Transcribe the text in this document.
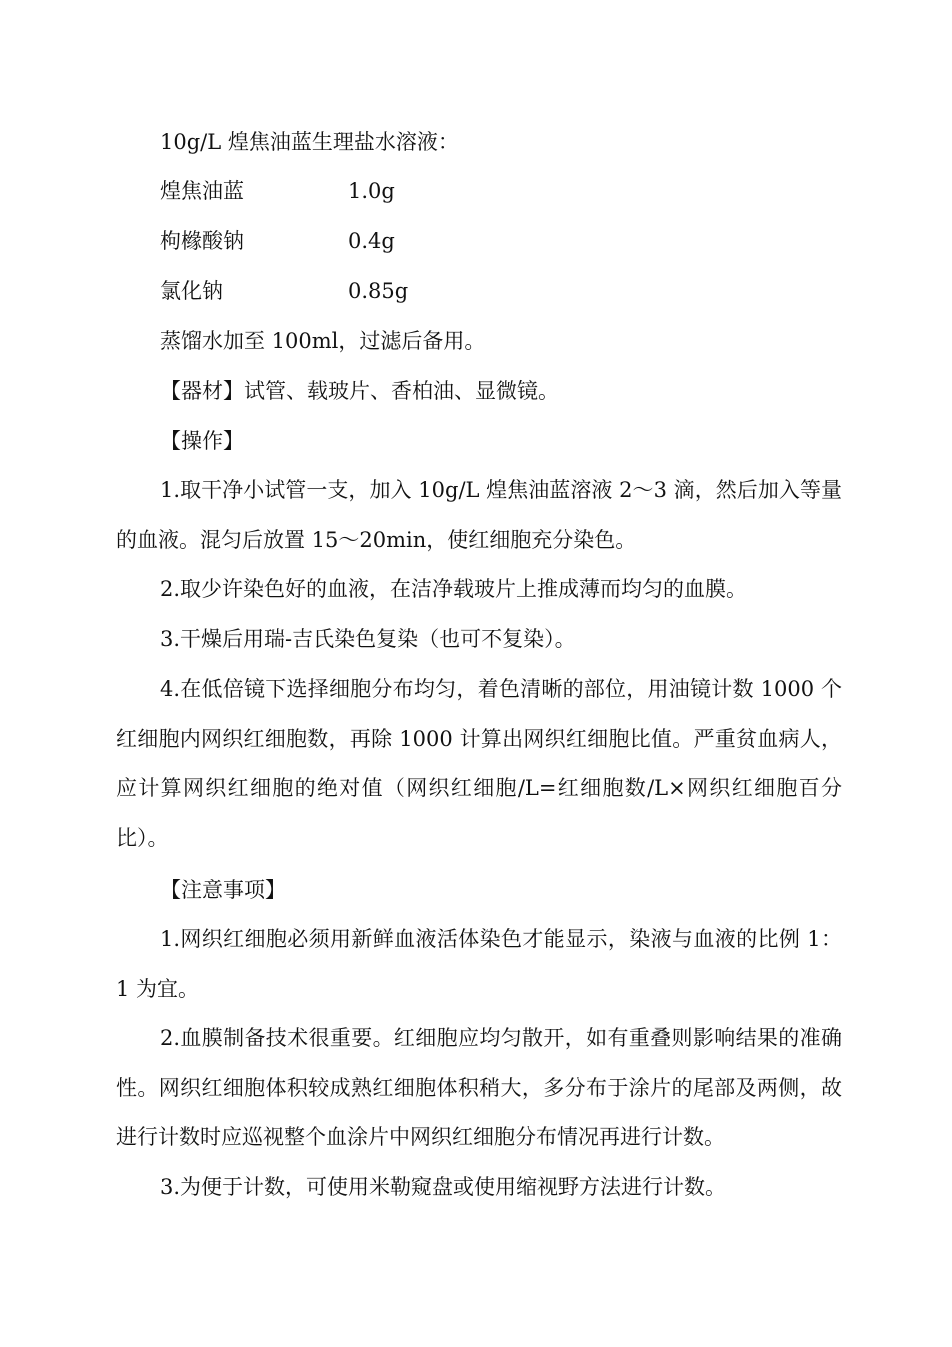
10g/L 煌焦油蓝生理盐水溶液：
煌焦油蓝	1.0g
枸橼酸钠	0.4g
氯化钠	0.85g
蒸馏水加至 100ml，过滤后备用。
【器材】试管、载玻片、香柏油、显微镜。
【操作】
1.取干净小试管一支，加入 10g/L 煌焦油蓝溶液 2～3 滴，然后加入等量的血液。混匀后放置 15～20min，使红细胞充分染色。
2.取少许染色好的血液，在洁净载玻片上推成薄而均匀的血膜。
3.干燥后用瑞-吉氏染色复染（也可不复染）。
4.在低倍镜下选择细胞分布均匀，着色清晰的部位，用油镜计数 1000 个红细胞内网织红细胞数，再除 1000 计算出网织红细胞比值。严重贫血病人，应计算网织红细胞的绝对值（网织红细胞/L=红细胞数/L×网织红细胞百分比）。
【注意事项】
1.网织红细胞必须用新鲜血液活体染色才能显示，染液与血液的比例 1：1 为宜。
2.血膜制备技术很重要。红细胞应均匀散开，如有重叠则影响结果的准确性。网织红细胞体积较成熟红细胞体积稍大，多分布于涂片的尾部及两侧，故进行计数时应巡视整个血涂片中网织红细胞分布情况再进行计数。
3.为便于计数，可使用米勒窥盘或使用缩视野方法进行计数。
